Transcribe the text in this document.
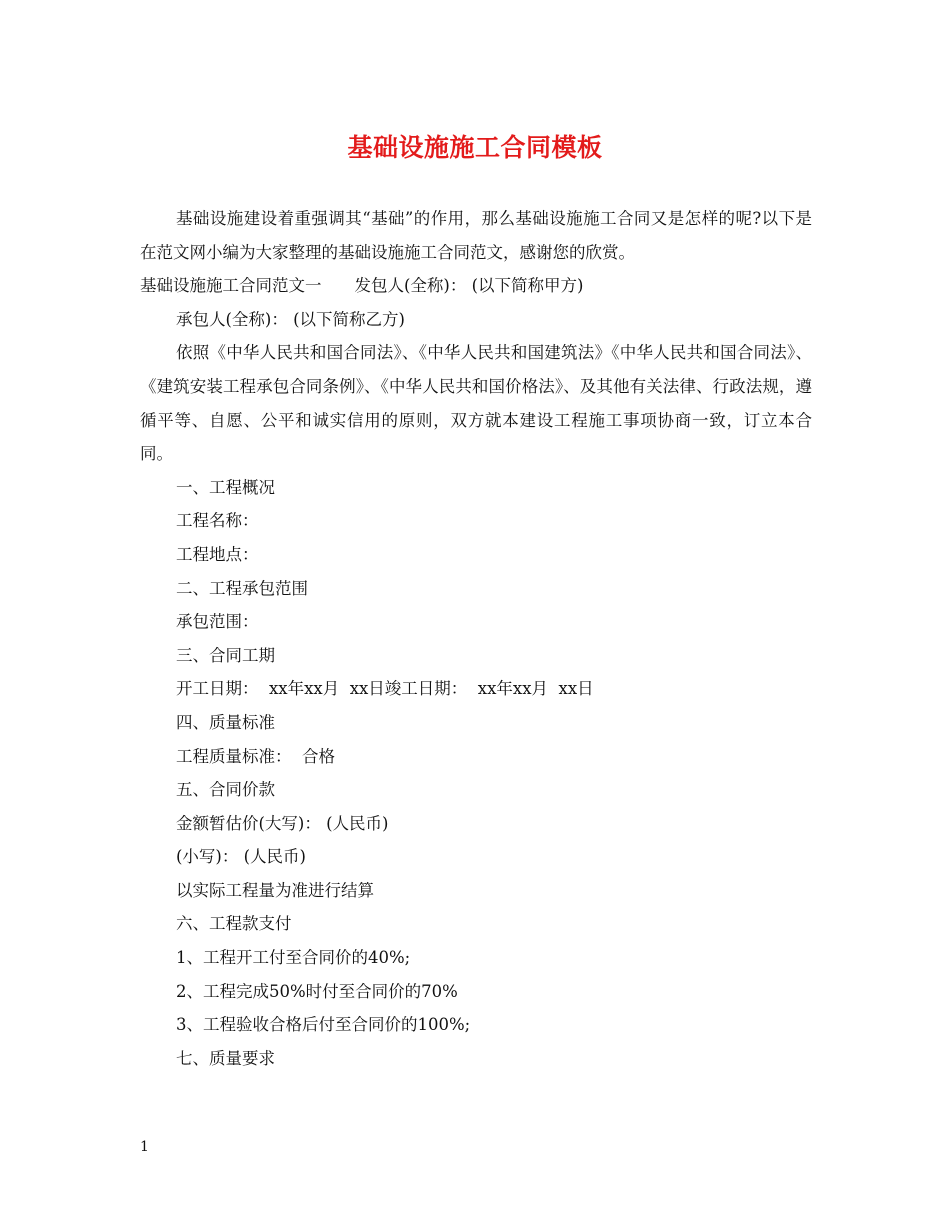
基础设施施工合同模板

基础设施建设着重强调其“基础”的作用，那么基础设施施工合同又是怎样的呢?以下是在范文网小编为大家整理的基础设施施工合同范文，感谢您的欣赏。

基础设施施工合同范文一　　发包人(全称)： (以下简称甲方)

承包人(全称)： (以下简称乙方)

依照《中华人民共和国合同法》、《中华人民共和国建筑法》《中华人民共和国合同法》、《建筑安装工程承包合同条例》、《中华人民共和国价格法》、及其他有关法律、行政法规，遵循平等、自愿、公平和诚实信用的原则，双方就本建设工程施工事项协商一致，订立本合同。

一、工程概况

工程名称：

工程地点：

二、工程承包范围

承包范围：

三、合同工期

开工日期：  xx年xx月  xx日竣工日期：  xx年xx月  xx日

四、质量标准

工程质量标准：  合格

五、合同价款

金额暂估价(大写)： (人民币)

(小写)： (人民币)

以实际工程量为准进行结算

六、工程款支付

1、工程开工付至合同价的40%;

2、工程完成50%时付至合同价的70%

3、工程验收合格后付至合同价的100%;

七、质量要求

1
